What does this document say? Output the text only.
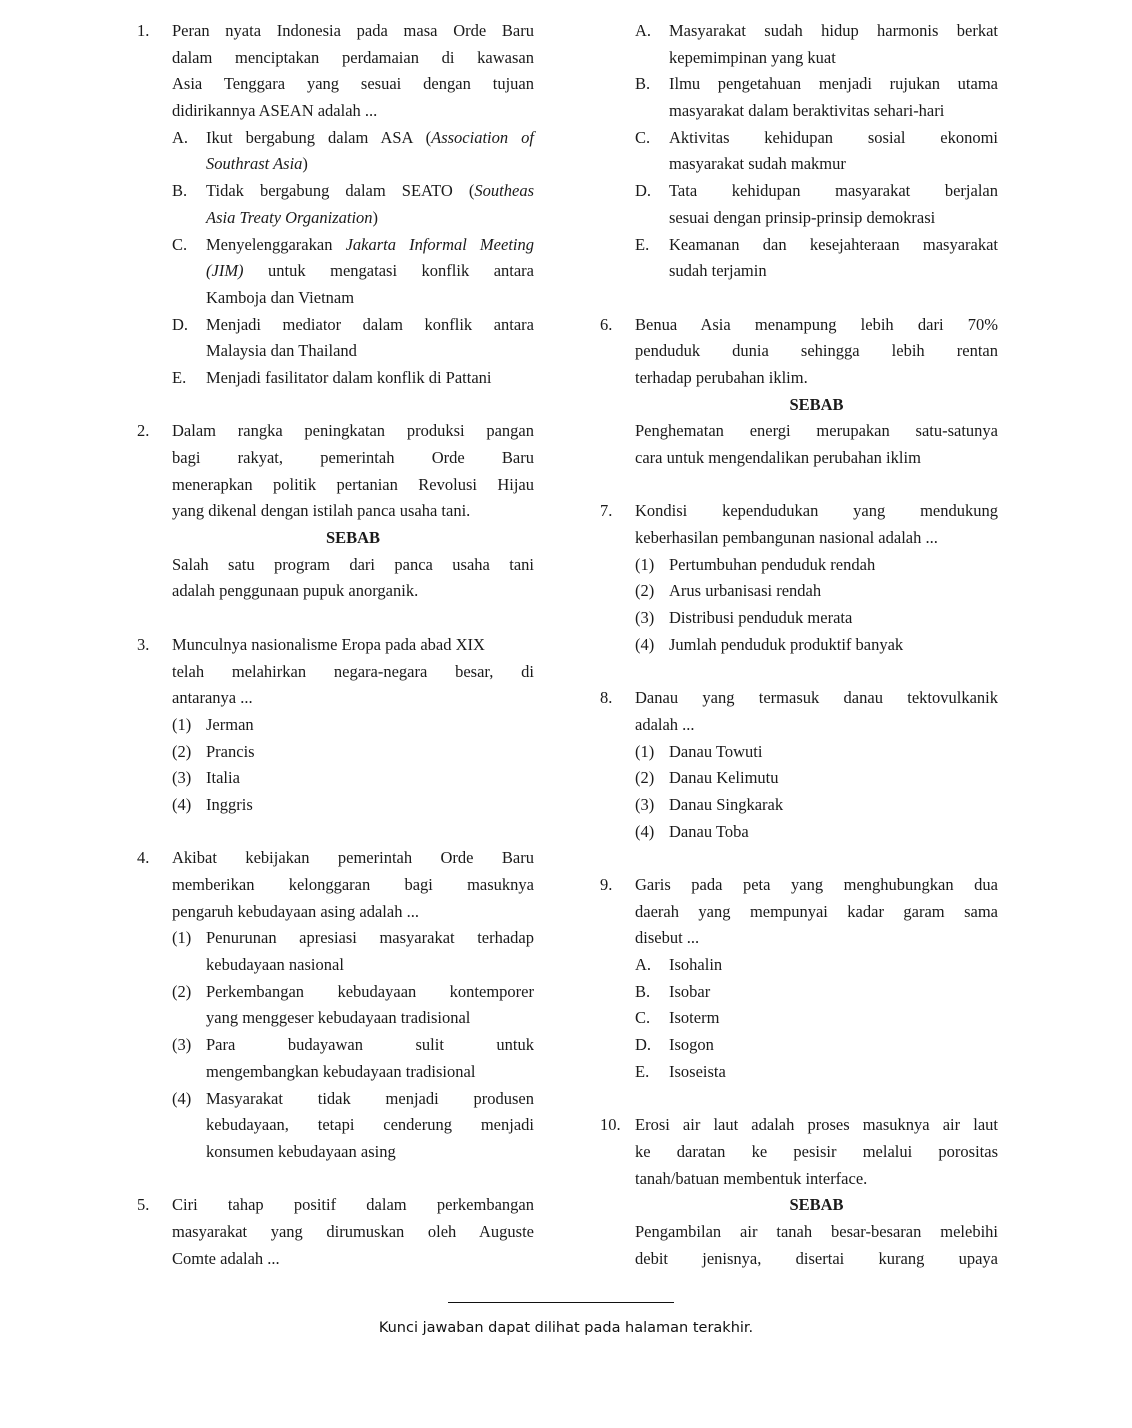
1. Peran nyata Indonesia pada masa Orde Baru
dalam menciptakan perdamaian di kawasan
Asia Tenggara yang sesuai dengan tujuan
didirikannya ASEAN adalah ...
A. Ikut bergabung dalam ASA (Association of
Southrast Asia)
B. Tidak bergabung dalam SEATO (Southeas
Asia Treaty Organization)
C. Menyelenggarakan Jakarta Informal Meeting
(JIM) untuk mengatasi konflik antara
Kamboja dan Vietnam
D. Menjadi mediator dalam konflik antara
Malaysia dan Thailand
E. Menjadi fasilitator dalam konflik di Pattani
2. Dalam rangka peningkatan produksi pangan
bagi rakyat, pemerintah Orde Baru
menerapkan politik pertanian Revolusi Hijau
yang dikenal dengan istilah panca usaha tani.
SEBAB
Salah satu program dari panca usaha tani
adalah penggunaan pupuk anorganik.
3. Munculnya nasionalisme Eropa pada abad XIX
telah melahirkan negara-negara besar, di
antaranya ...
(1) Jerman
(2) Prancis
(3) Italia
(4) Inggris
4. Akibat kebijakan pemerintah Orde Baru
memberikan kelonggaran bagi masuknya
pengaruh kebudayaan asing adalah ...
(1) Penurunan apresiasi masyarakat terhadap
kebudayaan nasional
(2) Perkembangan kebudayaan kontemporer
yang menggeser kebudayaan tradisional
(3) Para budayawan sulit untuk
mengembangkan kebudayaan tradisional
(4) Masyarakat tidak menjadi produsen
kebudayaan, tetapi cenderung menjadi
konsumen kebudayaan asing
5. Ciri tahap positif dalam perkembangan
masyarakat yang dirumuskan oleh Auguste
Comte adalah ...
A. Masyarakat sudah hidup harmonis berkat
kepemimpinan yang kuat
B. Ilmu pengetahuan menjadi rujukan utama
masyarakat dalam beraktivitas sehari-hari
C. Aktivitas kehidupan sosial ekonomi
masyarakat sudah makmur
D. Tata kehidupan masyarakat berjalan
sesuai dengan prinsip-prinsip demokrasi
E. Keamanan dan kesejahteraan masyarakat
sudah terjamin
6. Benua Asia menampung lebih dari 70%
penduduk dunia sehingga lebih rentan
terhadap perubahan iklim.
SEBAB
Penghematan energi merupakan satu-satunya
cara untuk mengendalikan perubahan iklim
7. Kondisi kependudukan yang mendukung
keberhasilan pembangunan nasional adalah ...
(1) Pertumbuhan penduduk rendah
(2) Arus urbanisasi rendah
(3) Distribusi penduduk merata
(4) Jumlah penduduk produktif banyak
8. Danau yang termasuk danau tektovulkanik
adalah ...
(1) Danau Towuti
(2) Danau Kelimutu
(3) Danau Singkarak
(4) Danau Toba
9. Garis pada peta yang menghubungkan dua
daerah yang mempunyai kadar garam sama
disebut ...
A. Isohalin
B. Isobar
C. Isoterm
D. Isogon
E. Isoseista
10. Erosi air laut adalah proses masuknya air laut
ke daratan ke pesisir melalui porositas
tanah/batuan membentuk interface.
SEBAB
Pengambilan air tanah besar-besaran melebihi
debit jenisnya, disertai kurang upaya
Kunci jawaban dapat dilihat pada halaman terakhir.
